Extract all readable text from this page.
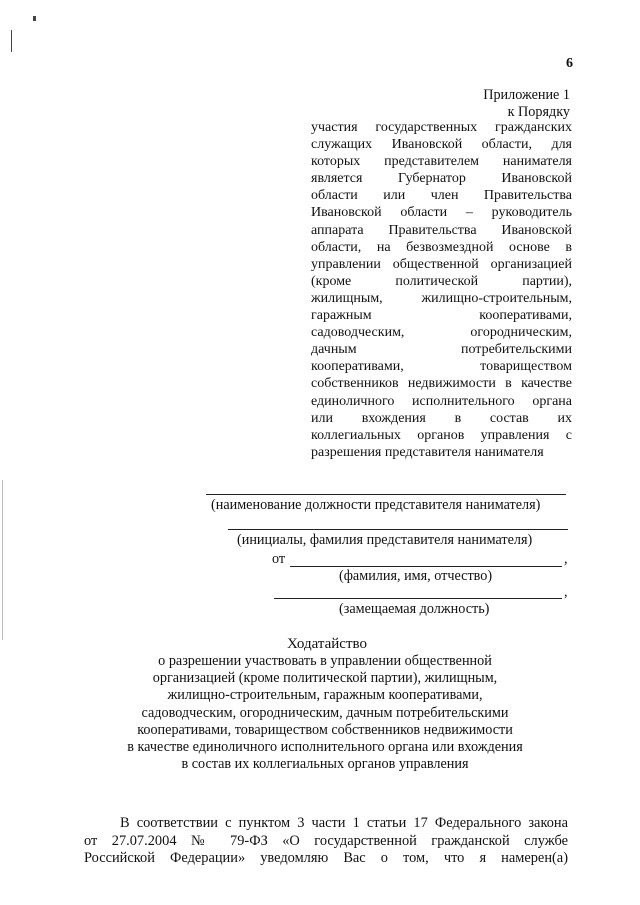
6
Приложение 1
к Порядку
участия государственных гражданских
служащих Ивановской области, для
которых представителем нанимателя
является Губернатор Ивановской
области или член Правительства
Ивановской области – руководитель
аппарата Правительства Ивановской
области, на безвозмездной основе в
управлении общественной организацией
(кроме политической партии),
жилищным, жилищно-строительным,
гаражным кооперативами,
садоводческим, огородническим,
дачным потребительскими
кооперативами, товариществом
собственников недвижимости в качестве
единоличного исполнительного органа
или вхождения в состав их
коллегиальных органов управления с
разрешения представителя нанимателя
(наименование должности представителя нанимателя)
(инициалы, фамилия представителя нанимателя)
от	,
(фамилия, имя, отчество)
,
(замещаемая должность)
Ходатайство
о разрешении участвовать в управлении общественной
организацией (кроме политической партии), жилищным,
жилищно-строительным, гаражным кооперативами,
садоводческим, огородническим, дачным потребительскими
кооперативами, товариществом собственников недвижимости
в качестве единоличного исполнительного органа или вхождения
в состав их коллегиальных органов управления
В соответствии с пунктом 3 части 1 статьи 17 Федерального закона
от 27.07.2004 № 79-ФЗ «О государственной гражданской службе
Российской Федерации» уведомляю Вас о том, что я намерен(а)
